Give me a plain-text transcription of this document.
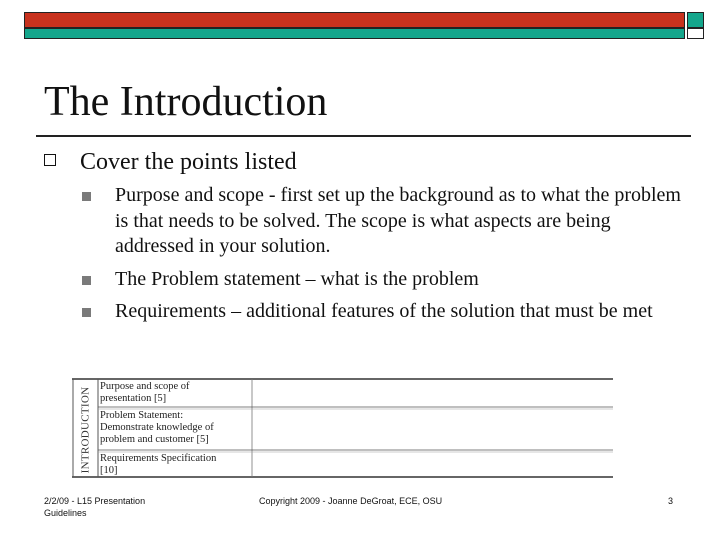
The Introduction
Cover the points listed
Purpose and scope - first set up the background as to what the problem is that needs to be solved. The scope is what aspects are being addressed in your solution.
The Problem statement – what is the problem
Requirements – additional features of the solution that must be met
INTRODUCTION
Purpose and scope of
presentation [5]
Problem Statement:
Demonstrate knowledge of
problem and customer [5]
Requirements Specification
[10]
2/2/09 - L15 Presentation Guidelines
Copyright 2009 - Joanne DeGroat, ECE, OSU	3
